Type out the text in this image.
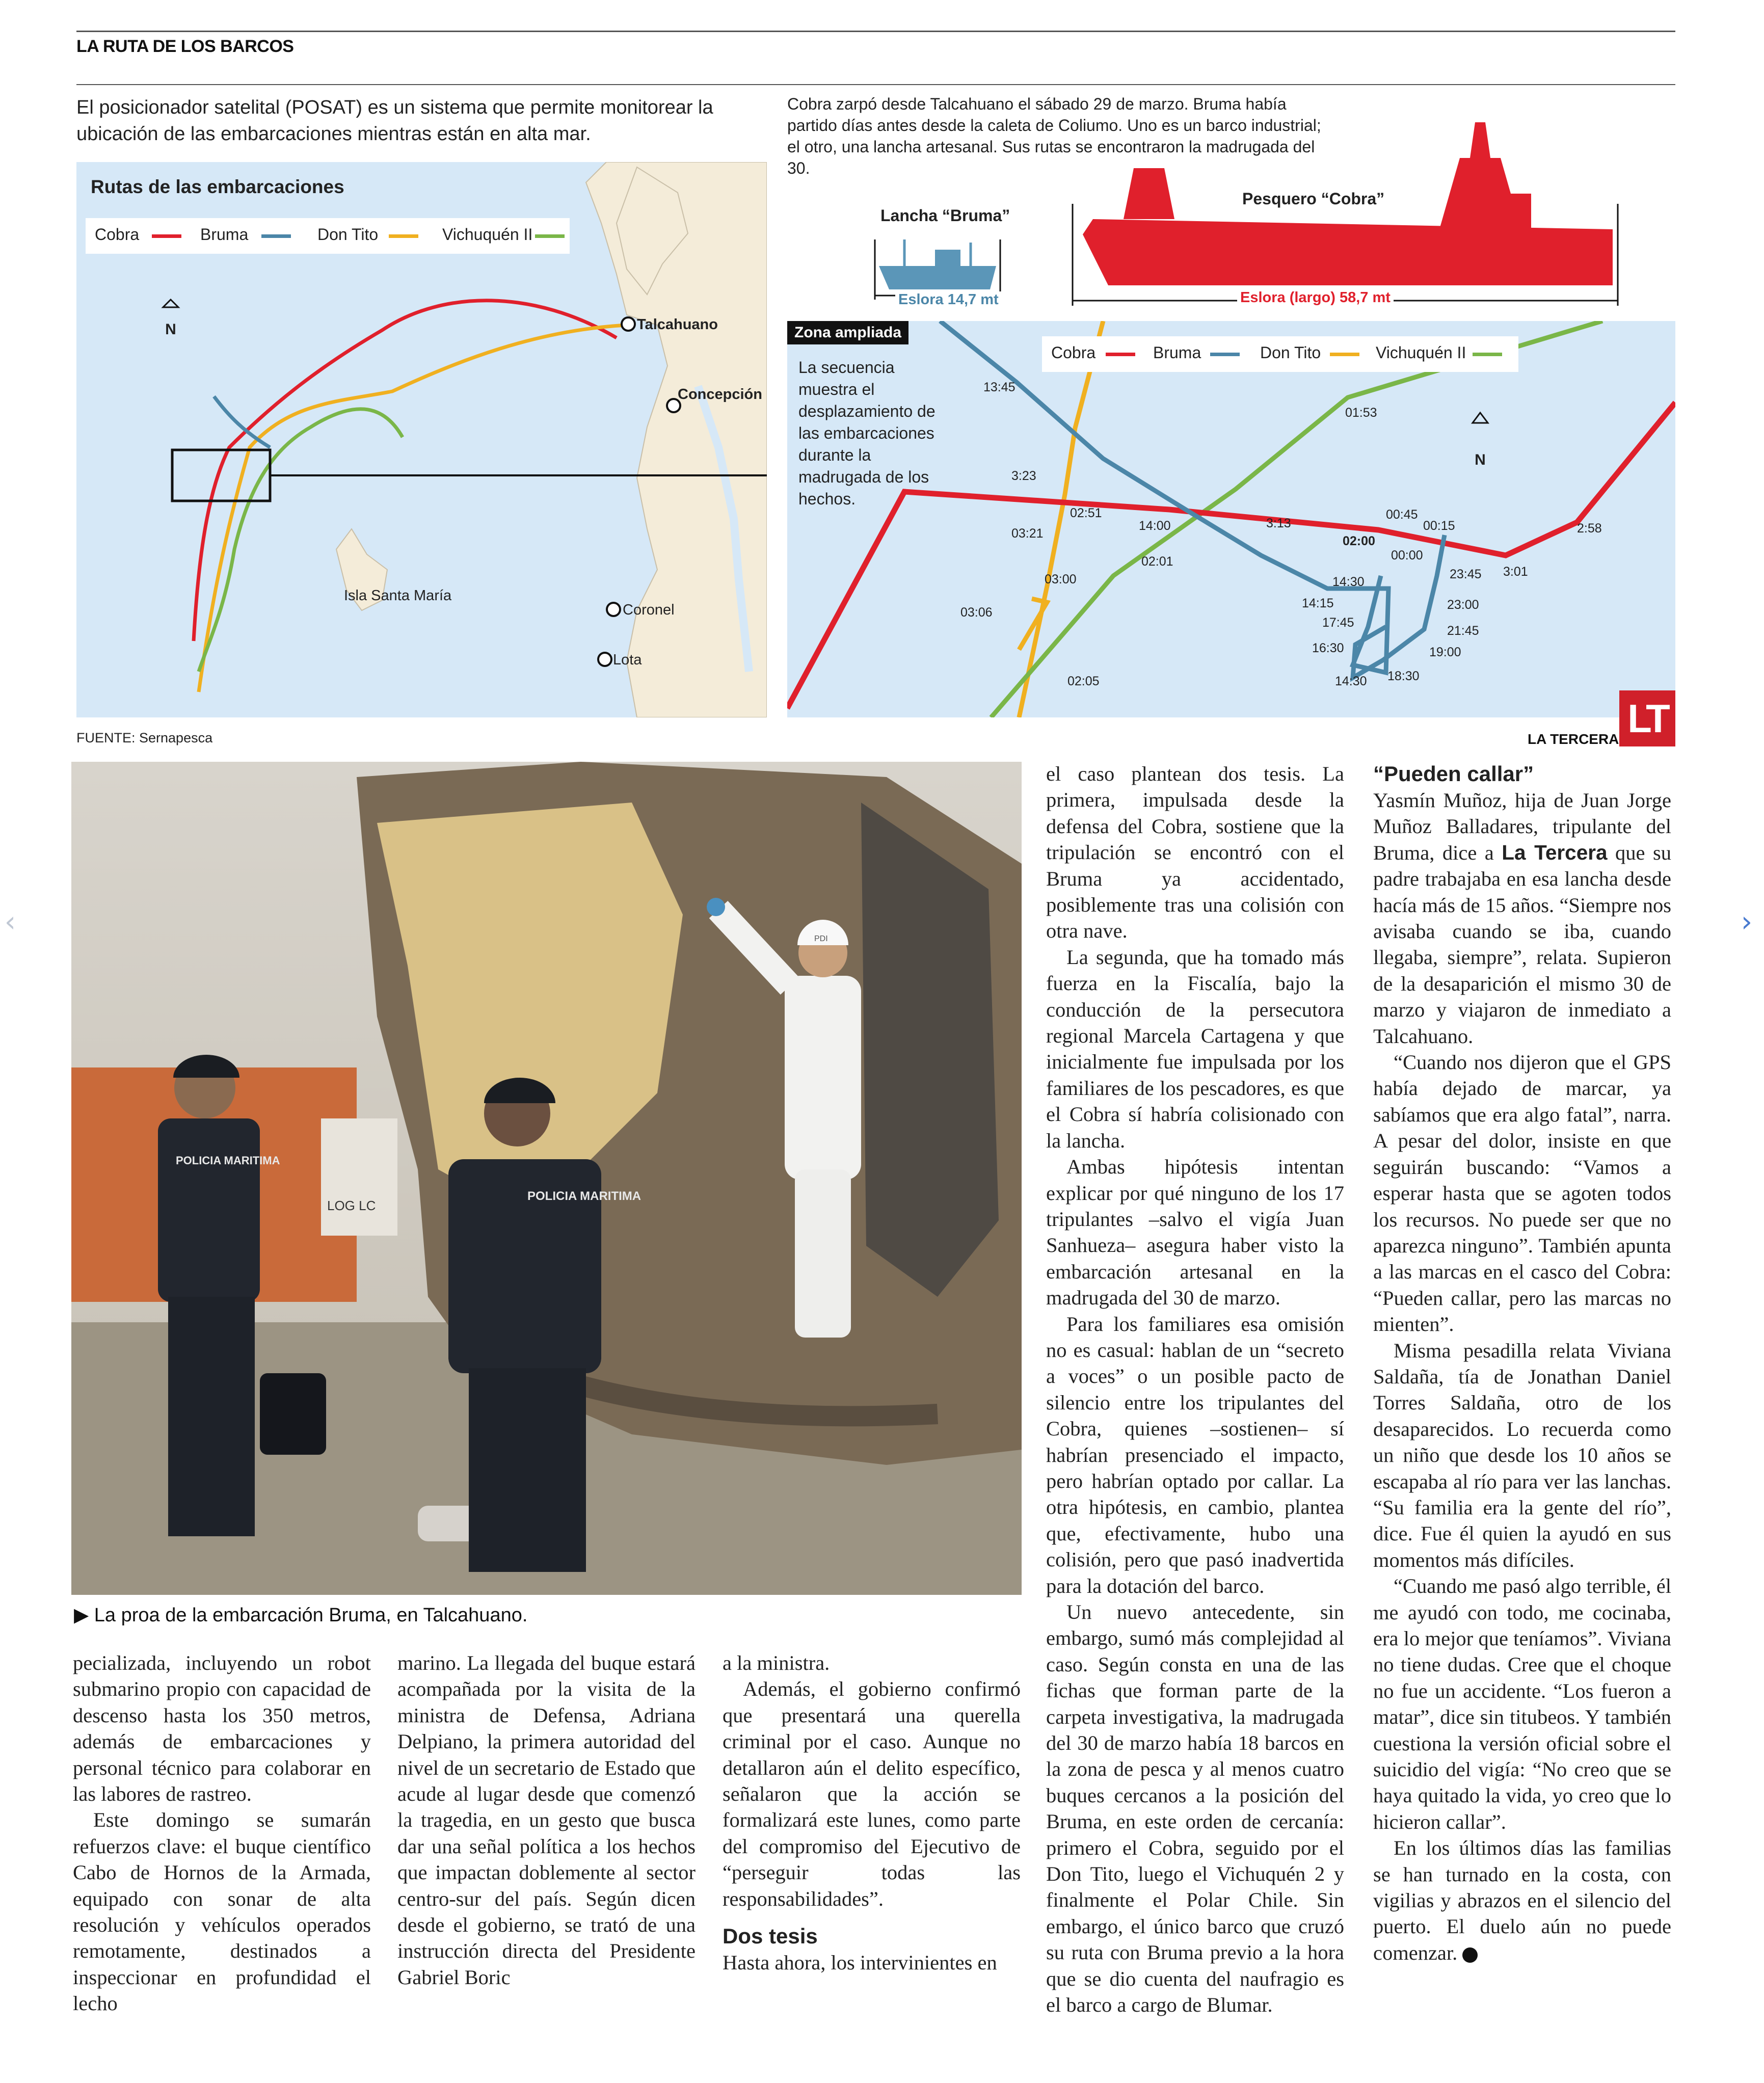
LA RUTA DE LOS BARCOS
El posicionador satelital (POSAT) es un sistema que permite monitorear la ubicación de las embarcaciones mientras están en alta mar.
Cobra zarpó desde Talcahuano el sábado 29 de marzo. Bruma había partido días antes desde la caleta de Coliumo. Uno es un barco industrial; el otro, una lancha artesanal. Sus rutas se encontraron la madrugada del 30.
N	Talcahuano
Concepción
Isla Santa María
Coronel
Lota
Rutas de las embarcaciones
Cobra	Bruma	Don Tito	Vichuquén II
Lancha “Bruma”
Eslora 14,7 mt
Pesquero “Cobra”
Eslora (largo) 58,7 mt
N
13:45
3:23
02:51
03:21
03:00
03:06
14:00
02:01
02:05
3:13
01:53
00:45
00:15
02:00
00:00
3:01
2:58
14:30
23:45
14:15	23:00
17:45
21:45
16:30	19:00
14:30 18:30
Zona ampliada
La secuencia muestra el desplazamiento de las embarcaciones durante la madrugada de los hechos.
Cobra	Bruma	Don Tito	Vichuquén II
FUENTE: Sernapesca	LA TERCERA LT
LOG LC
PDI
POLICIA MARITIMA
POLICIA MARITIMA
▶ La proa de la embarcación Bruma, en Talcahuano.

pecializada, incluyendo un robot submarino propio con capacidad de descenso hasta los 350 metros, además de embarcaciones y personal técnico para colaborar en las labores de rastreo.

Este domingo se sumarán refuerzos clave: el buque científico Cabo de Hornos de la Armada, equipado con sonar de alta resolución y vehículos operados remotamente, destinados a inspeccionar en profundidad el lecho

marino. La llegada del buque estará acompañada por la visita de la ministra de Defensa, Adriana Delpiano, la primera autoridad del nivel de un secretario de Estado que acude al lugar desde que comenzó la tragedia, en un gesto que busca dar una señal política a los hechos que impactan doblemente al sector centro-sur del país. Según dicen desde el gobierno, se trató de una instrucción directa del Presidente Gabriel Boric

a la ministra.

Además, el gobierno confirmó que presentará una querella criminal por el caso. Aunque no detallaron aún el delito específico, señalaron que la acción se formalizará este lunes, como parte del compromiso del Ejecutivo de “perseguir todas las responsabilidades”.

Dos tesis

Hasta ahora, los intervinientes en

el caso plantean dos tesis. La primera, impulsada desde la defensa del Cobra, sostiene que la tripulación se encontró con el Bruma ya accidentado, posiblemente tras una colisión con otra nave.

La segunda, que ha tomado más fuerza en la Fiscalía, bajo la conducción de la persecutora regional Marcela Cartagena y que inicialmente fue impulsada por los familiares de los pescadores, es que el Cobra sí habría colisionado con la lancha.

Ambas hipótesis intentan explicar por qué ninguno de los 17 tripulantes –salvo el vigía Juan Sanhueza– asegura haber visto la embarcación artesanal en la madrugada del 30 de marzo.

Para los familiares esa omisión no es casual: hablan de un “secreto a voces” o un posible pacto de silencio entre los tripulantes del Cobra, quienes –sostienen– sí habrían presenciado el impacto, pero habrían optado por callar. La otra hipótesis, en cambio, plantea que, efectivamente, hubo una colisión, pero que pasó inadvertida para la dotación del barco.

Un nuevo antecedente, sin embargo, sumó más complejidad al caso. Según consta en una de las fichas que forman parte de la carpeta investigativa, la madrugada del 30 de marzo había 18 barcos en la zona de pesca y al menos cuatro buques cercanos a la posición del Bruma, en este orden de cercanía: primero el Cobra, seguido por el Don Tito, luego el Vichuquén 2 y finalmente el Polar Chile. Sin embargo, el único barco que cruzó su ruta con Bruma previo a la hora que se dio cuenta del naufragio es el barco a cargo de Blumar.

“Pueden callar”

Yasmín Muñoz, hija de Juan Jorge Muñoz Balladares, tripulante del Bruma, dice a La Tercera que su padre trabajaba en esa lancha desde hacía más de 15 años. “Siempre nos avisaba cuando se iba, cuando llegaba, siempre”, relata. Supieron de la desaparición el mismo 30 de marzo y viajaron de inmediato a Talcahuano.

“Cuando nos dijeron que el GPS había dejado de marcar, ya sabíamos que era algo fatal”, narra. A pesar del dolor, insiste en que seguirán buscando: “Vamos a esperar hasta que se agoten todos los recursos. No puede ser que no aparezca ninguno”. También apunta a las marcas en el casco del Cobra: “Pueden callar, pero las marcas no mienten”.

Misma pesadilla relata Viviana Saldaña, tía de Jonathan Daniel Torres Saldaña, otro de los desaparecidos. Lo recuerda como un niño que desde los 10 años se escapaba al río para ver las lanchas. “Su familia era la gente del río”, dice. Fue él quien la ayudó en sus momentos más difíciles.

“Cuando me pasó algo terrible, él me ayudó con todo, me cocinaba, era lo mejor que teníamos”. Viviana no tiene dudas. Cree que el choque no fue un accidente. “Los fueron a matar”, dice sin titubeos. Y también cuestiona la versión oficial sobre el suicidio del vigía: “No creo que se haya quitado la vida, yo creo que lo hicieron callar”.

En los últimos días las familias se han turnado en la costa, con vigilias y abrazos en el silencio del puerto. El duelo aún no puede comenzar.

‹	›
